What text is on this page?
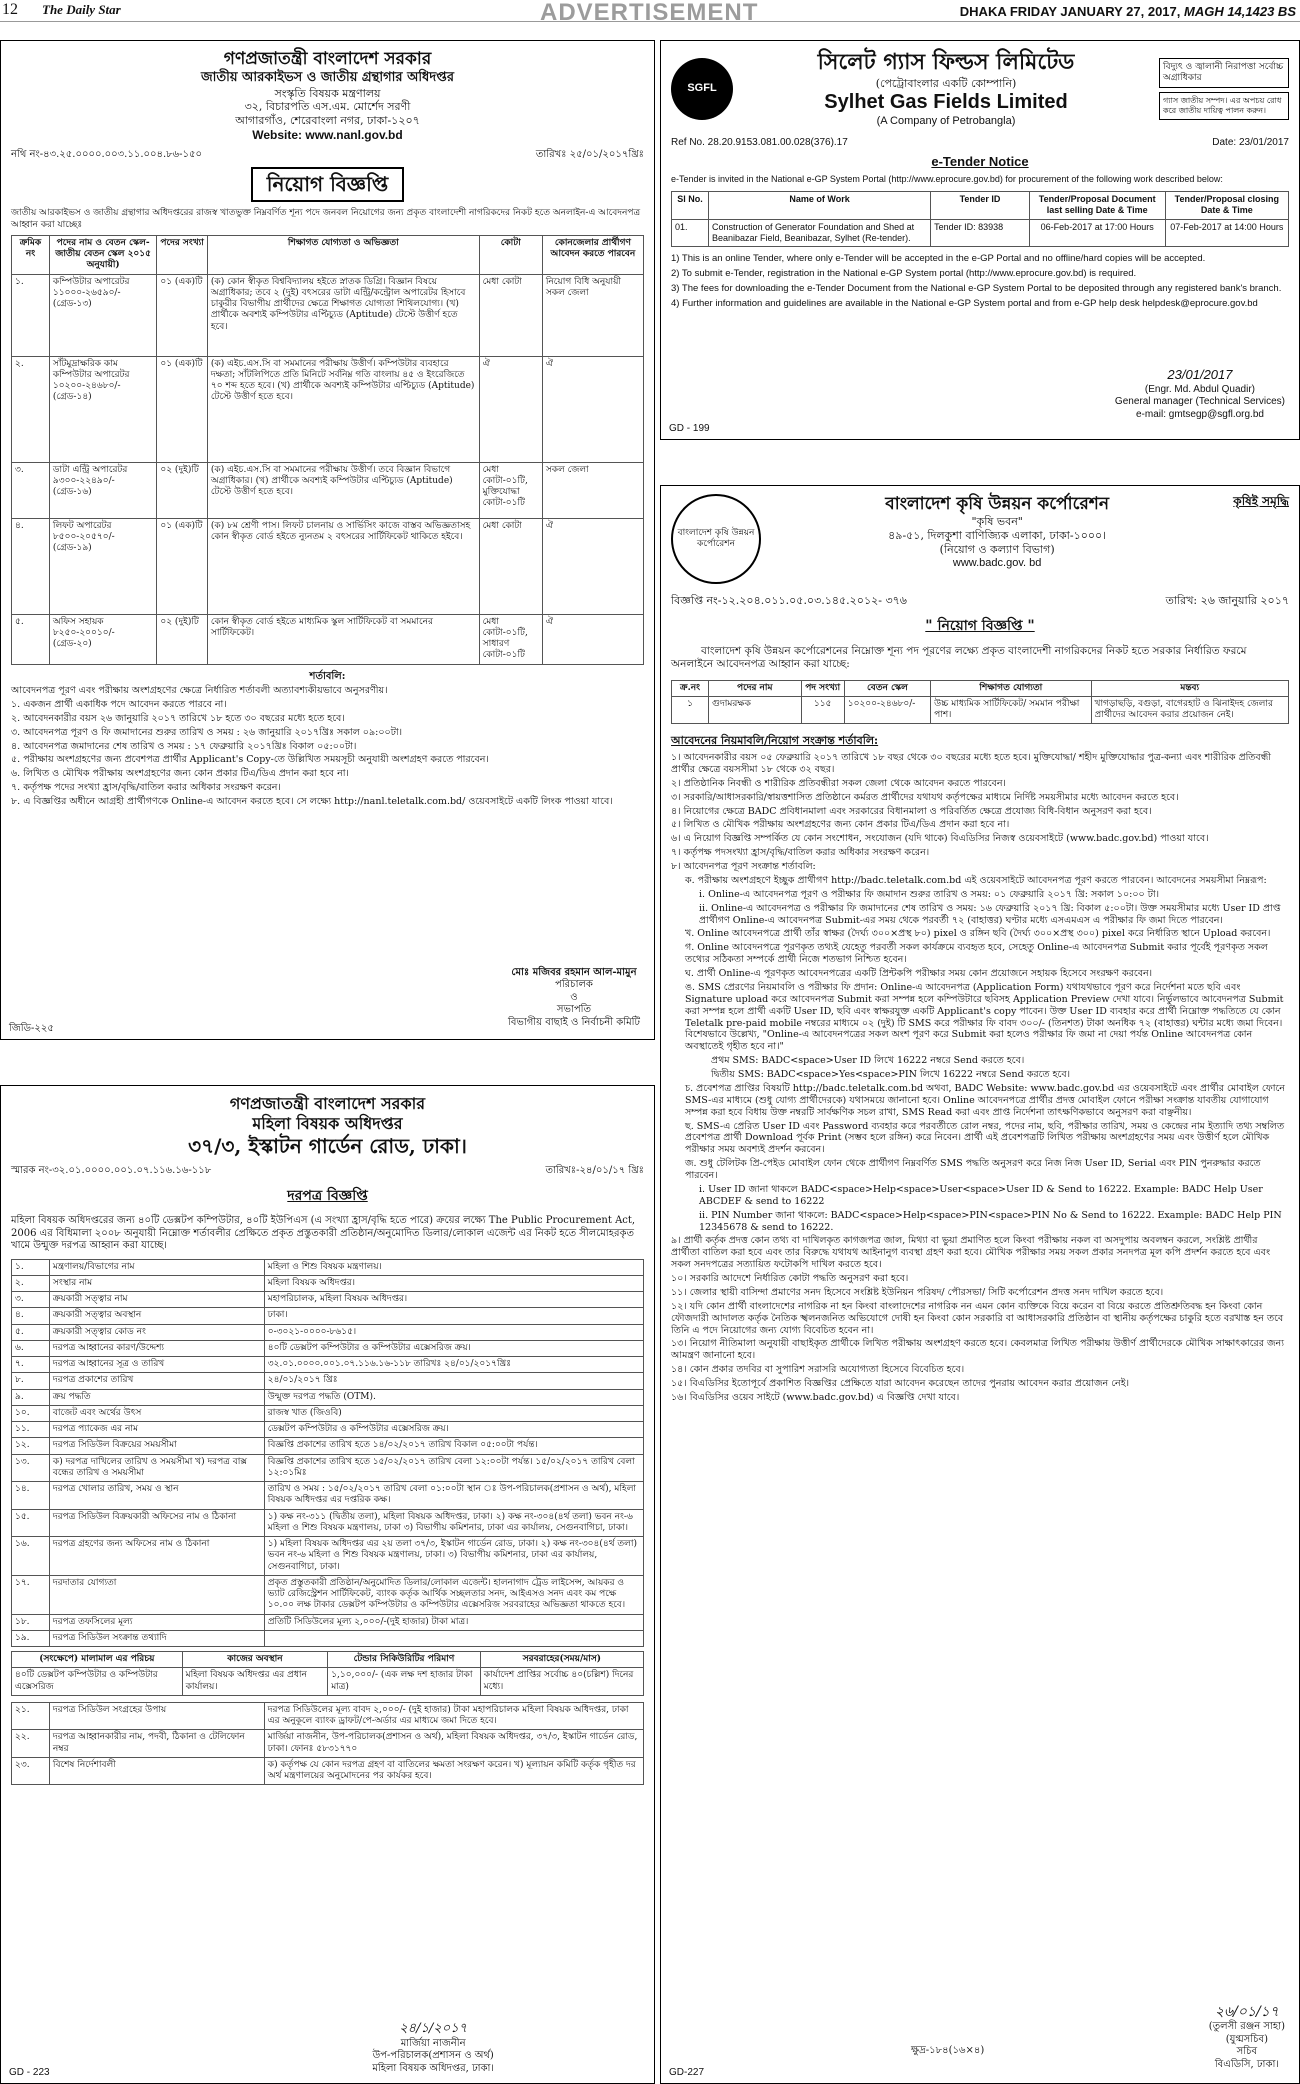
12 The Daily Star	ADVERTISEMENT	DHAKA FRIDAY JANUARY 27, 2017, MAGH 14,1423 BS
গণপ্রজাতন্ত্রী বাংলাদেশ সরকার
জাতীয় আরকাইভস ও জাতীয় গ্রন্থাগার অধিদপ্তর
সংস্কৃতি বিষয়ক মন্ত্রণালয়
৩২, বিচারপতি এস.এম. মোর্শেদ সরণী
আগারগাঁও, শেরেবাংলা নগর, ঢাকা-১২০৭
Website: www.nanl.gov.bd
নথি নং-৪৩.২৫.০০০০.০০৩.১১.০০৪.৮৬-১৫০	তারিখঃ ২৫/০১/২০১৭খ্রিঃ
নিয়োগ বিজ্ঞপ্তি

জাতীয় আরকাইভস ও জাতীয় গ্রন্থাগার অধিদপ্তরের রাজস্ব খাতভুক্ত নিম্নবর্ণিত শূন্য পদে জনবল নিয়োগের জন্য প্রকৃত বাংলাদেশী নাগরিকদের নিকট হতে অনলাইন-এ আবেদনপত্র আহ্বান করা যাচ্ছেঃ

ক্রমিক নং	পদের নাম ও বেতন স্কেল-জাতীয় বেতন স্কেল ২০১৫ অনুযায়ী)	পদের সংখ্যা	শিক্ষাগত যোগ্যতা ও অভিজ্ঞতা	কোটা	কোনজেলার প্রার্থীগণ আবেদন করতে পারবেন
১.	কম্পিউটার অপারেটর ১১০০০-২৬৫৯০/- (গ্রেড-১৩)	০১ (এক)টি	(ক) কোন স্বীকৃত বিশ্ববিদ্যালয় হইতে স্নাতক ডিগ্রি। বিজ্ঞান বিষয়ে অগ্রাধিকার; তবে ২ (দুই) বৎসরের ডাটা এন্ট্রি/কন্ট্রোল অপারেটর হিসাবে চাকুরীর বিভাগীয় প্রার্থীদের ক্ষেত্রে শিক্ষাগত যোগ্যতা শিথিলযোগ্য। (খ) প্রার্থীকে অবশ্যই কম্পিউটার এপ্টিচ্যুড (Aptitude) টেস্টে উত্তীর্ণ হতে হবে।	মেধা কোটা	নিয়োগ বিধি অনুযায়ী সকল জেলা
২.	সাঁটমুদ্রাক্ষরিক কাম কম্পিউটার অপারেটর ১০২০০-২৪৬৮০/- (গ্রেড-১৪)	০১ (এক)টি	(ক) এইচ.এস.সি বা সমমানের পরীক্ষায় উত্তীর্ণ। কম্পিউটার ব্যবহারে দক্ষতা; সাঁটলিপিতে প্রতি মিনিটে সর্বনিম্ন গতি বাংলায় ৪৫ ও ইংরেজিতে ৭০ শব্দ হতে হবে। (খ) প্রার্থীকে অবশ্যই কম্পিউটার এপ্টিচ্যুড (Aptitude) টেস্টে উত্তীর্ণ হতে হবে।	ঐ	ঐ
৩.	ডাটা এন্ট্রি অপারেটর ৯৩০০-২২৪৯০/- (গ্রেড-১৬)	০২ (দুই)টি	(ক) এইচ.এস.সি বা সমমানের পরীক্ষায় উত্তীর্ণ। তবে বিজ্ঞান বিভাগে অগ্রাধিকার। (খ) প্রার্থীকে অবশ্যই কম্পিউটার এপ্টিচ্যুড (Aptitude) টেস্টে উত্তীর্ণ হতে হবে।	মেধা কোটা-০১টি, মুক্তিযোদ্ধা কোটা-০১টি	সকল জেলা
৪.	লিফট অপারেটর ৮৫০০-২০৫৭০/- (গ্রেড-১৯)	০১ (এক)টি	(ক) ৮ম শ্রেণী পাস। লিফট চালনায় ও সার্ভিসিং কাজে বাস্তব অভিজ্ঞতাসহ কোন স্বীকৃত বোর্ড হইতে ন্যুনতম ২ বৎসরের সার্টিফিকেট থাকিতে হইবে।	মেধা কোটা	ঐ
৫.	অফিস সহায়ক ৮২৫০-২০০১০/- (গ্রেড-২০)	০২ (দুই)টি	কোন স্বীকৃত বোর্ড হইতে মাধ্যমিক স্কুল সার্টিফিকেট বা সমমানের সার্টিফিকেট।	মেধা কোটা-০১টি, সাধারণ কোটা-০১টি	ঐ
শর্তাবলি:

আবেদনপত্র পূরণ এবং পরীক্ষায় অংশগ্রহণের ক্ষেত্রে নির্ধারিত শর্তাবলী অত্যাবশ্যকীয়ভাবে অনুসরণীয়।

১. একজন প্রার্থী একাধিক পদে আবেদন করতে পারবে না।

২. আবেদনকারীর বয়স ২৬ জানুয়ারি ২০১৭ তারিখে ১৮ হতে ৩০ বছরের মধ্যে হতে হবে।

৩. আবেদনপত্র পূরণ ও ফি জমাদানের শুরুর তারিখ ও সময় : ২৬ জানুয়ারি ২০১৭খ্রিঃ সকাল ০৯:০০টা।

৪. আবেদনপত্র জমাদানের শেষ তারিখ ও সময় : ১৭ ফেব্রুয়ারি ২০১৭খ্রিঃ বিকাল ০৫:০০টা।

৫. পরীক্ষায় অংশগ্রহণের জন্য প্রবেশপত্র প্রার্থীর Applicant's Copy-তে উল্লিখিত সময়সূচী অনুযায়ী অংশগ্রহণ করতে পারবেন।

৬. লিখিত ও মৌখিক পরীক্ষায় অংশগ্রহণের জন্য কোন প্রকার টিএ/ডিএ প্রদান করা হবে না।

৭. কর্তৃপক্ষ পদের সংখ্যা হ্রাস/বৃদ্ধি/বাতিল করার অধিকার সংরক্ষণ করেন।

৮. এ বিজ্ঞপ্তির অধীনে আগ্রহী প্রার্থীগণকে Online-এ আবেদন করতে হবে। সে লক্ষ্যে http://nanl.teletalk.com.bd/ ওয়েবসাইটে একটি লিংক পাওয়া যাবে।

মোঃ মজিবর রহমান আল-মামুন
পরিচালক
ও
সভাপতি
বিভাগীয় বাছাই ও নির্বাচনী কমিটি
জিডি-২২৫
SGFL
সিলেট গ্যাস ফিল্ডস লিমিটেড
(পেট্রোবাংলার একটি কোম্পানি)
Sylhet Gas Fields Limited
(A Company of Petrobangla)
বিদ্যুৎ ও জ্বালানী নিরাপত্তা সর্বোচ্চ অগ্রাধিকার
গ্যাস জাতীয় সম্পদ। এর অপচয় রোধ করে জাতীয় দায়িত্ব পালন করুন।
Ref No. 28.20.9153.081.00.028(376).17	Date: 23/01/2017
e-Tender Notice

e-Tender is invited in the National e-GP System Portal (http://www.eprocure.gov.bd) for procurement of the following work described below:

Sl No.	Name of Work	Tender ID	Tender/Proposal Document last selling Date & Time	Tender/Proposal closing Date & Time
01.	Construction of Generator Foundation and Shed at Beanibazar Field, Beanibazar, Sylhet (Re-tender).	Tender ID: 83938	06-Feb-2017 at 17:00 Hours	07-Feb-2017 at 14:00 Hours

1) This is an online Tender, where only e-Tender will be accepted in the e-GP Portal and no offline/hard copies will be accepted.

2) To submit e-Tender, registration in the National e-GP System portal (http://www.eprocure.gov.bd) is required.

3) The fees for downloading the e-Tender Document from the National e-GP System Portal to be deposited through any registered bank's branch.

4) Further information and guidelines are available in the National e-GP System portal and from e-GP help desk helpdesk@eprocure.gov.bd

23/01/2017
(Engr. Md. Abdul Quadir)
General manager (Technical Services)
e-mail: gmtsegp@sgfl.org.bd
GD - 199
বাংলাদেশ কৃষি উন্নয়ন কর্পোরেশন
বাংলাদেশ কৃষি উন্নয়ন কর্পোরেশন
"কৃষি ভবন"
৪৯-৫১, দিলকুশা বাণিজ্যিক এলাকা, ঢাকা-১০০০।
(নিয়োগ ও কল্যাণ বিভাগ)
www.badc.gov. bd
কৃষিই সমৃদ্ধি
বিজ্ঞপ্তি নং-১২.২০৪.০১১.০৫.০৩.১৪৫.২০১২- ৩৭৬	তারিখ: ২৬ জানুয়ারি ২০১৭
" নিয়োগ বিজ্ঞপ্তি "

বাংলাদেশ কৃষি উন্নয়ন কর্পোরেশনের নিম্নোক্ত শূন্য পদ পূরণের লক্ষ্যে প্রকৃত বাংলাদেশী নাগরিকদের নিকট হতে সরকার নির্ধারিত ফরমে অনলাইনে আবেদনপত্র আহ্বান করা যাচ্ছে:

ক্র.নং	পদের নাম	পদ সংখ্যা	বেতন স্কেল	শিক্ষাগত যোগ্যতা	মন্তব্য
১	গুদামরক্ষক	১১৫	১০২০০-২৪৬৮০/-	উচ্চ মাধ্যমিক সার্টিফিকেট/ সমমান পরীক্ষা পাশ।	খাগড়াছড়ি, বগুড়া, বাগেরহাট ও ঝিনাইদহ জেলার প্রার্থীদের আবেদন করার প্রয়োজন নেই।
আবেদনের নিয়মাবলি/নিয়োগ সংক্রান্ত শর্তাবলি:

১। আবেদনকারীর বয়স ০৫ ফেব্রুয়ারি ২০১৭ তারিখে ১৮ বছর থেকে ৩০ বছরের মধ্যে হতে হবে। মুক্তিযোদ্ধা/ শহীদ মুক্তিযোদ্ধার পুত্র-কন্যা এবং শারীরিক প্রতিবন্ধী প্রার্থীর ক্ষেত্রে বয়সসীমা ১৮ থেকে ৩২ বছর।

২। প্রতিষ্ঠানিক নিবন্ধী ও শারীরিক প্রতিবন্ধীরা সকল জেলা থেকে আবেদন করতে পারবেন।

৩। সরকারি/আধাসরকারি/স্বায়ত্তশাসিত প্রতিষ্ঠানে কর্মরত প্রার্থীদের যথাযথ কর্তৃপক্ষের মাধ্যমে নির্দিষ্ট সময়সীমার মধ্যে আবেদন করতে হবে।

৪। নিয়োগের ক্ষেত্রে BADC প্রবিধানমালা এবং সরকারের বিধানমালা ও পরিবর্তিত ক্ষেত্রে প্রযোজ্য বিধি-বিধান অনুসরণ করা হবে।

৫। লিখিত ও মৌখিক পরীক্ষায় অংশগ্রহণের জন্য কোন প্রকার টিএ/ডিএ প্রদান করা হবে না।

৬। এ নিয়োগ বিজ্ঞপ্তি সম্পর্কিত যে কোন সংশোধন, সংযোজন (যদি থাকে) বিএডিসির নিজস্ব ওয়েবসাইটে (www.badc.gov.bd) পাওয়া যাবে।

৭। কর্তৃপক্ষ পদসংখ্যা হ্রাস/বৃদ্ধি/বাতিল করার অধিকার সংরক্ষণ করেন।

৮। আবেদনপত্র পূরণ সংক্রান্ত শর্তাবলি:

ক. পরীক্ষায় অংশগ্রহণে ইচ্ছুক প্রার্থীগণ http://badc.teletalk.com.bd এই ওয়েবসাইটে আবেদনপত্র পূরণ করতে পারবেন। আবেদনের সময়সীমা নিম্নরূপ:

i. Online-এ আবেদনপত্র পূরণ ও পরীক্ষার ফি জমাদান শুরুর তারিখ ও সময়: ০১ ফেব্রুয়ারি ২০১৭ খ্রি: সকাল ১০:০০ টা।

ii. Online-এ আবেদনপত্র ও পরীক্ষার ফি জমাদানের শেষ তারিখ ও সময়: ১৬ ফেব্রুয়ারি ২০১৭ খ্রি: বিকাল ৫:০০টা। উক্ত সময়সীমার মধ্যে User ID প্রাপ্ত প্রার্থীগণ Online-এ আবেদনপত্র Submit-এর সময় থেকে পরবর্তী ৭২ (বাহাত্তর) ঘণ্টার মধ্যে এসএমএস এ পরীক্ষার ফি জমা দিতে পারবেন।

খ. Online আবেদনপত্রে প্রার্থী তাঁর স্বাক্ষর (দৈর্ঘ্য ৩০০×প্রস্থ ৮০) pixel ও রঙ্গিন ছবি (দৈর্ঘ্য ৩০০×প্রস্থ ৩০০) pixel করে নির্ধারিত স্থানে Upload করবেন।

গ. Online আবেদনপত্রে পূরণকৃত তথ্যই যেহেতু পরবর্তী সকল কার্যক্রমে ব্যবহৃত হবে, সেহেতু Online-এ আবেদনপত্র Submit করার পূর্বেই পূরণকৃত সকল তথ্যের সঠিকতা সম্পর্কে প্রার্থী নিজে শতভাগ নিশ্চিত হবেন।

ঘ. প্রার্থী Online-এ পূরণকৃত আবেদনপত্রের একটি প্রিন্টকপি পরীক্ষার সময় কোন প্রয়োজনে সহায়ক হিসেবে সংরক্ষণ করবেন।

ঙ. SMS প্রেরণের নিয়মাবলি ও পরীক্ষার ফি প্রদান: Online-এ আবেদনপত্র (Application Form) যথাযথভাবে পূরণ করে নির্দেশনা মতে ছবি এবং Signature upload করে আবেদনপত্র Submit করা সম্পন্ন হলে কম্পিউটারে ছবিসহ Application Preview দেখা যাবে। নির্ভুলভাবে আবেদনপত্র Submit করা সম্পন্ন হলে প্রার্থী একটি User ID, ছবি এবং স্বাক্ষরযুক্ত একটি Applicant's copy পাবেন। উক্ত User ID ব্যবহার করে প্রার্থী নিম্নোক্ত পদ্ধতিতে যে কোন Teletalk pre-paid mobile নম্বরের মাধ্যমে ০২ (দুই) টি SMS করে পরীক্ষার ফি বাবদ ৩০০/- (তিনশত) টাকা অনধিক ৭২ (বাহাত্তর) ঘন্টার মধ্যে জমা দিবেন। বিশেষভাবে উল্লেখ্য, "Online-এ আবেদনপত্রের সকল অংশ পূরণ করে Submit করা হলেও পরীক্ষার ফি জমা না দেয়া পর্যন্ত Online আবেদনপত্র কোন অবস্থাতেই গৃহীত হবে না।"

প্রথম SMS: BADC<space>User ID লিখে 16222 নম্বরে Send করতে হবে।

দ্বিতীয় SMS: BADC<space>Yes<space>PIN লিখে 16222 নম্বরে Send করতে হবে।

চ. প্রবেশপত্র প্রাপ্তির বিষয়টি http://badc.teletalk.com.bd অথবা, BADC Website: www.badc.gov.bd এর ওয়েবসাইটে এবং প্রার্থীর মোবাইল ফোনে SMS-এর মাধ্যমে (শুধু যোগ্য প্রার্থীদেরকে) যথাসময়ে জানানো হবে। Online আবেদনপত্রে প্রার্থীর প্রদত্ত মোবাইল ফোনে পরীক্ষা সংক্রান্ত যাবতীয় যোগাযোগ সম্পন্ন করা হবে বিধায় উক্ত নম্বরটি সার্বক্ষণিক সচল রাখা, SMS Read করা এবং প্রাপ্ত নির্দেশনা তাৎক্ষণিকভাবে অনুসরণ করা বাঞ্ছনীয়।

ছ. SMS-এ প্রেরিত User ID এবং Password ব্যবহার করে পরবর্তীতে রোল নম্বর, পদের নাম, ছবি, পরীক্ষার তারিখ, সময় ও কেন্দ্রের নাম ইত্যাদি তথ্য সম্বলিত প্রবেশপত্র প্রার্থী Download পূর্বক Print (সম্ভব হলে রঙ্গিন) করে নিবেন। প্রার্থী এই প্রবেশপত্রটি লিখিত পরীক্ষায় অংশগ্রহণের সময় এবং উত্তীর্ণ হলে মৌখিক পরীক্ষার সময় অবশ্যই প্রদর্শন করবেন।

জ. শুধু টেলিটক প্রি-পেইড মোবাইল ফোন থেকে প্রার্থীগণ নিম্নবর্ণিত SMS পদ্ধতি অনুসরণ করে নিজ নিজ User ID, Serial এবং PIN পুনরুদ্ধার করতে পারবেন।

i. User ID জানা থাকলে BADC<space>Help<space>User<space>User ID & Send to 16222. Example: BADC Help User ABCDEF & send to 16222

ii. PIN Number জানা থাকলে: BADC<space>Help<space>PIN<space>PIN No & Send to 16222. Example: BADC Help PIN 12345678 & send to 16222.

৯। প্রার্থী কর্তৃক প্রদত্ত কোন তথ্য বা দাখিলকৃত কাগজপত্র জাল, মিথ্যা বা ভুয়া প্রমাণিত হলে কিংবা পরীক্ষায় নকল বা অসদুপায় অবলম্বন করলে, সংশ্লিষ্ট প্রার্থীর প্রার্থীতা বাতিল করা হবে এবং তার বিরুদ্ধে যথাযথ আইনানুগ ব্যবস্থা গ্রহণ করা হবে। মৌখিক পরীক্ষার সময় সকল প্রকার সনদপত্র মূল কপি প্রদর্শন করতে হবে এবং সকল সনদপত্রের সত্যায়িত ফটোকপি দাখিল করতে হবে।

১০। সরকারি আদেশে নির্ধারিত কোটা পদ্ধতি অনুসরণ করা হবে।

১১। জেলার স্থায়ী বাসিন্দা প্রমাণের সনদ হিসেবে সংশ্লিষ্ট ইউনিয়ন পরিষদ/ পৌরসভা/ সিটি কর্পোরেশন প্রদত্ত সনদ দাখিল করতে হবে।

১২। যদি কোন প্রার্থী বাংলাদেশের নাগরিক না হন কিংবা বাংলাদেশের নাগরিক নন এমন কোন ব্যক্তিকে বিয়ে করেন বা বিয়ে করতে প্রতিশ্রুতিবদ্ধ হন কিংবা কোন ফৌজদারী আদালত কর্তৃক নৈতিক স্খলনজনিত অভিযোগে দোষী হন কিংবা কোন সরকারি বা আধাসরকারি প্রতিষ্ঠান বা স্থানীয় কর্তৃপক্ষের চাকুরি হতে বরখাস্ত হন তবে তিনি এ পদে নিয়োগের জন্য যোগ্য বিবেচিত হবেন না।

১৩। নিয়োগ নীতিমালা অনুযায়ী বাছাইকৃত প্রার্থীকে লিখিত পরীক্ষায় অংশগ্রহণ করতে হবে। কেবলমাত্র লিখিত পরীক্ষায় উত্তীর্ণ প্রার্থীদেরকে মৌখিক সাক্ষাৎকারের জন্য আমন্ত্রণ জানানো হবে।

১৪। কোন প্রকার তদবির বা সুপারিশ সরাসরি অযোগ্যতা হিসেবে বিবেচিত হবে।

১৫। বিএডিসির ইতোপূর্বে প্রকাশিত বিজ্ঞপ্তির প্রেক্ষিতে যারা আবেদন করেছেন তাদের পুনরায় আবেদন করার প্রয়োজন নেই।

১৬। বিএডিসির ওয়েব সাইটে (www.badc.gov.bd) এ বিজ্ঞপ্তি দেখা যাবে।

২৬/০১/১৭
(তুলসী রঞ্জন সাহা)
(যুগ্মসচিব)
সচিব
বিএডিসি, ঢাকা।
ক্ষুদ্র-১৮৪(১৬×৪)
GD-227
গণপ্রজাতন্ত্রী বাংলাদেশ সরকার
মহিলা বিষয়ক অধিদপ্তর
৩৭/৩, ইস্কাটন গার্ডেন রোড, ঢাকা।
স্মারক নং-৩২.০১.০০০০.০০১.০৭.১১৬.১৬-১১৮	তারিখঃ-২৪/০১/১৭ খ্রিঃ
দরপত্র বিজ্ঞপ্তি

মহিলা বিষয়ক অধিদপ্তরের জন্য ৪০টি ডেক্সটপ কম্পিউটার, ৪০টি ইউপিএস (এ সংখ্যা হ্রাস/বৃদ্ধি হতে পারে) ক্রয়ের লক্ষ্যে The Public Procurement Act, 2006 এর বিধিমালা ২০০৮ অনুযায়ী নিম্নোক্ত শর্তাবলীর প্রেক্ষিতে প্রকৃত প্রস্তুতকারী প্রতিষ্ঠান/অনুমোদিত ডিলার/লোকাল এজেন্ট এর নিকট হতে সীলমোহরকৃত খামে উন্মুক্ত দরপত্র আহ্বান করা যাচ্ছে।

১.	মন্ত্রণালয়/বিভাগের নাম	মহিলা ও শিশু বিষয়ক মন্ত্রণালয়।
২.	সংস্থার নাম	মহিলা বিষয়ক অধিদপ্তর।
৩.	ক্রয়কারী সত্ত্বার নাম	মহাপরিচালক, মহিলা বিষয়ক অধিদপ্তর।
৪.	ক্রয়কারী সত্ত্বার অবস্থান	ঢাকা।
৫.	ক্রয়কারী সত্ত্বার কোড নং	০-৩০২১-০০০০-৮৬১৫।
৬.	দরপত্র আহ্বানের কারণ/উদ্দেশ্য	৪০টি ডেক্সটপ কম্পিউটার ও কম্পিউটার এক্সেসরিজ ক্রয়।
৭.	দরপত্র আহ্বানের সূত্র ও তারিখ	৩২.০১.০০০০.০০১.০৭.১১৬.১৬-১১৮ তারিখঃ ২৪/০১/২০১৭খ্রিঃ
৮.	দরপত্র প্রকাশের তারিখ	২৪/০১/২০১৭ খ্রিঃ
৯.	ক্রয় পদ্ধতি	উন্মুক্ত দরপত্র পদ্ধতি (OTM).
১০.	বাজেট এবং অর্থের উৎস	রাজস্ব খাত (জিওবি)
১১.	দরপত্র প্যাকেজ এর নাম	ডেক্সটপ কম্পিউটার ও কম্পিউটার এক্সেসরিজ ক্রয়।
১২.	দরপত্র সিডিউল বিক্রয়ের সময়সীমা	বিজ্ঞপ্তি প্রকাশের তারিখ হতে ১৪/০২/২০১৭ তারিখ বিকাল ০৫:০০টা পর্যন্ত।
১৩.	ক) দরপত্র দাখিলের তারিখ ও সময়সীমা খ) দরপত্র বাক্স বন্ধের তারিখ ও সময়সীমা	বিজ্ঞপ্তি প্রকাশের তারিখ হতে ১৫/০২/২০১৭ তারিখ বেলা ১২:০০টা পর্যন্ত। ১৫/০২/২০১৭ তারিখ বেলা ১২:০১মিঃ
১৪.	দরপত্র খোলার তারিখ, সময় ও স্থান	তারিখ ও সময় : ১৫/০২/২০১৭ তারিখ বেলা ০১:০০টা স্থান ঃ উপ-পরিচালক(প্রশাসন ও অর্থ), মহিলা বিষয়ক অধিদপ্তর এর দপ্তরিক কক্ষ।
১৫.	দরপত্র সিডিউল বিক্রয়কারী অফিসের নাম ও ঠিকানা	১) কক্ষ নং-৩১১ (দ্বিতীয় তলা), মহিলা বিষয়ক অধিদপ্তর, ঢাকা। ২) কক্ষ নং-৩০৪(৪র্থ তলা) ভবন নং-৬ মহিলা ও শিশু বিষয়ক মন্ত্রণালয়, ঢাকা ৩) বিভাগীয় কমিশনার, ঢাকা এর কার্যালয়, সেগুনবাগিচা, ঢাকা।
১৬.	দরপত্র গ্রহণের জন্য অফিসের নাম ও ঠিকানা	১) মহিলা বিষয়ক অধিদপ্তর এর ২য় তলা ৩৭/৩, ইস্কাটন গার্ডেন রোড, ঢাকা। ২) কক্ষ নং-৩০৪(৪র্থ তলা) ভবন নং-৬ মহিলা ও শিশু বিষয়ক মন্ত্রণালয়, ঢাকা। ৩) বিভাগীয় কমিশনার, ঢাকা এর কার্যালয়, সেগুনবাগিচা, ঢাকা।
১৭.	দরদাতার যোগ্যতা	প্রকৃত প্রস্তুতকারী প্রতিষ্ঠান/অনুমোদিত ডিলার/লোকাল এজেন্ট। হালনাগাদ ট্রেড লাইসেন্স, আয়কর ও ভ্যাট রেজিস্ট্রেশন সার্টিফিকেট, ব্যাংক কর্তৃক আর্থিক সচ্ছলতার সনদ, আইএসও সনদ এবং কম পক্ষে ১০.০০ লক্ষ টাকার ডেক্সটপ কম্পিউটার ও কম্পিউটার এক্সেসরিজ সরবরাহের অভিজ্ঞতা থাকতে হবে।
১৮.	দরপত্র তফসিলের মূল্য	প্রতিটি সিডিউলের মূল্য ২,০০০/-(দুই হাজার) টাকা মাত্র।
১৯.	দরপত্র সিডিউল সংক্রান্ত তথ্যাদি	
(সংক্ষেপে) মালামাল এর পরিচয়	কাজের অবস্থান	টেন্ডার সিকিউরিটির পরিমাণ	সরবরাহের(সময়/মাস)
৪০টি ডেক্সটপ কম্পিউটার ও কম্পিউটার এক্সেসরিজ	মহিলা বিষয়ক অধিদপ্তর এর প্রধান কার্যালয়।	১,১০,০০০/- (এক লক্ষ দশ হাজার টাকা মাত্র)	কার্যাদেশ প্রাপ্তির সর্বোচ্চ ৪০(চল্লিশ) দিনের মধ্যে।
২১.	দরপত্র সিডিউল সংগ্রহের উপায়	দরপত্র সিডিউলের মূল্য বাবদ ২,০০০/- (দুই হাজার) টাকা মহাপরিচালক মহিলা বিষয়ক অধিদপ্তর, ঢাকা এর অনুকূলে ব্যাংক ড্রাফট/পে-অর্ডার এর মাধ্যমে জমা দিতে হবে।
২২.	দরপত্র আহ্বানকারীর নাম, পদবী, ঠিকানা ও টেলিফোন নম্বর	মার্জিয়া নাজনীন, উপ-পরিচালক(প্রশাসন ও অর্থ), মহিলা বিষয়ক অধিদপ্তর, ৩৭/৩, ইস্কাটন গার্ডেন রোড, ঢাকা। ফোনঃ ৫৮৩১৭৭০
২৩.	বিশেষ নির্দেশাবলী	ক) কর্তৃপক্ষ যে কোন দরপত্র গ্রহণ বা বাতিলের ক্ষমতা সংরক্ষণ করেন। খ) মূল্যায়ন কমিটি কর্তৃক গৃহীত দর অর্থ মন্ত্রণালয়ের অনুমোদনের পর কার্যকর হবে।
২৪/১/২০১৭
মার্জিয়া নাজনীন
উপ-পরিচালক(প্রশাসন ও অর্থ)
মহিলা বিষয়ক অধিদপ্তর, ঢাকা।
GD - 223
